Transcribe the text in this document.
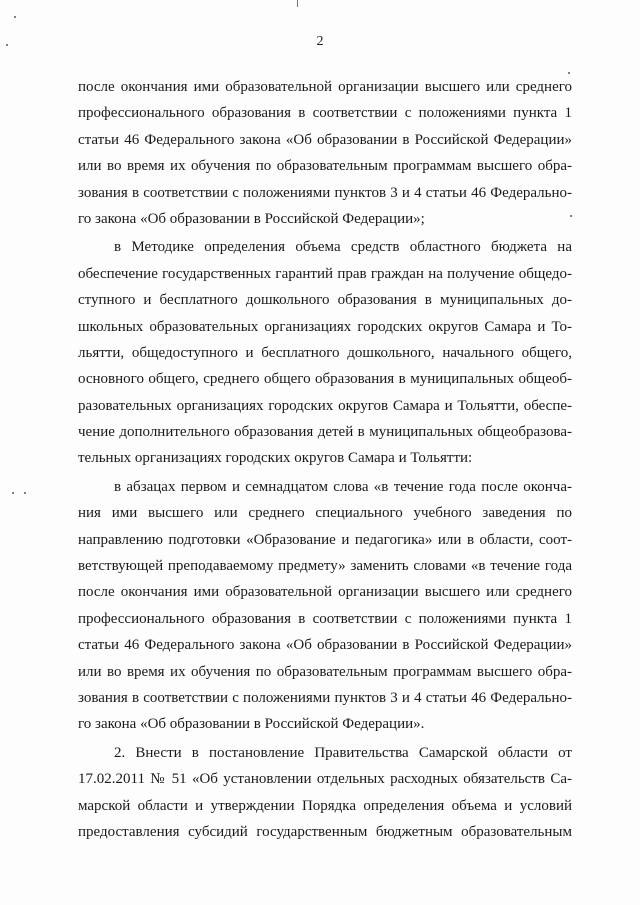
2
после окончания ими образовательной организации высшего или среднего
профессионального образования в соответствии с положениями пункта 1
статьи 46 Федерального закона «Об образовании в Российской Федерации»
или во время их обучения по образовательным программам высшего обра-
зования в соответствии с положениями пунктов 3 и 4 статьи 46 Федерально-
го закона «Об образовании в Российской Федерации»;
в Методике определения объема средств областного бюджета на
обеспечение государственных гарантий прав граждан на получение общедо-
ступного и бесплатного дошкольного образования в муниципальных до-
школьных образовательных организациях городских округов Самара и То-
льятти, общедоступного и бесплатного дошкольного, начального общего,
основного общего, среднего общего образования в муниципальных общеоб-
разовательных организациях городских округов Самара и Тольятти, обеспе-
чение дополнительного образования детей в муниципальных общеобразова-
тельных организациях городских округов Самара и Тольятти:
в абзацах первом и семнадцатом слова «в течение года после оконча-
ния ими высшего или среднего специального учебного заведения по
направлению подготовки «Образование и педагогика» или в области, соот-
ветствующей преподаваемому предмету» заменить словами «в течение года
после окончания ими образовательной организации высшего или среднего
профессионального образования в соответствии с положениями пункта 1
статьи 46 Федерального закона «Об образовании в Российской Федерации»
или во время их обучения по образовательным программам высшего обра-
зования в соответствии с положениями пунктов 3 и 4 статьи 46 Федерально-
го закона «Об образовании в Российской Федерации».
2. Внести в постановление Правительства Самарской области от
17.02.2011 № 51 «Об установлении отдельных расходных обязательств Са-
марской области и утверждении Порядка определения объема и условий
предоставления субсидий государственным бюджетным образовательным
